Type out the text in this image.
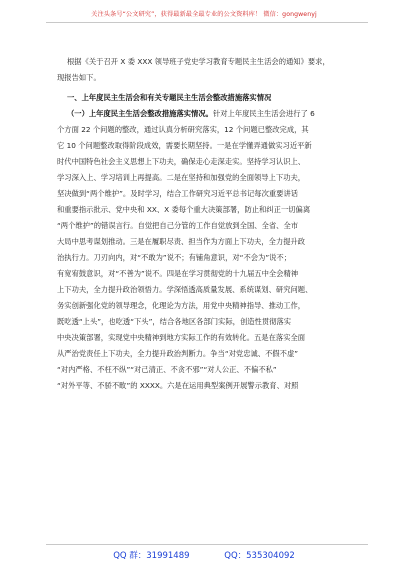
关注头条号“公文研究”，获得最新最全最专业的公文资料库！ 微信：gongwenyj
根据《关于召开 X 委 XXX 领导班子党史学习教育专题民主生活会的通知》要求，
现报告如下。
一、上年度民主生活会和有关专题民主生活会整改措施落实情况
（一）上年度民主生活会整改措施落实情况。针对上年度民主生活会进行了 6
个方面 22 个问题的整改，通过认真分析研究落实，12 个问题已整改完成，其
它 10 个问题整改取得阶段成效，需要长期坚持。一是在学懂弄通做实习近平新
时代中国特色社会主义思想上下功夫，确保走心走深走实。坚持学习认识上、
学习深入上、学习培训上再提高。二是在坚持和加强党的全面领导上下功夫，
坚决做到“两个维护”。及时学习，结合工作研究习近平总书记每次重要讲话
和重要指示批示、党中央和 XX、X 委每个重大决策部署，防止和纠正一切偏离
“两个维护”的错误言行。自觉把自己分管的工作自觉放到全国、全省、全市
大局中思考谋划推动。三是在履职尽责、担当作为方面上下功夫，全力提升政
治执行力。刀刃向内，对“不敢为”说不；有铺角意识，对“不会为”说不；
有宽宥鼓意识，对“不善为”说不。四是在学习贯彻党的十九届五中全会精神
上下功夫，全力提升政治领悟力。学深悟透高质量发展、系统谋划、研究问题、
务实创新强化党的领导理念，化理论为方法，用党中央精神指导、推动工作，
既吃透“上头”，也吃透“下头”，结合各地区各部门实际，创造性贯彻落实
中央决策部署，实现党中央精神到地方实际工作的有效转化。五是在落实全面
从严治党责任上下功夫，全力提升政治判断力。争当“对党忠诚、不假不虚”
“对内严格、不枉不纵”“对己清正、不贪不邪”“对人公正、不偏不私”
“对外平等、不骄不畋”的 XXXX。六是在运用典型案例开展警示教育、对照
QQ 群：31991489	QQ：535304092
